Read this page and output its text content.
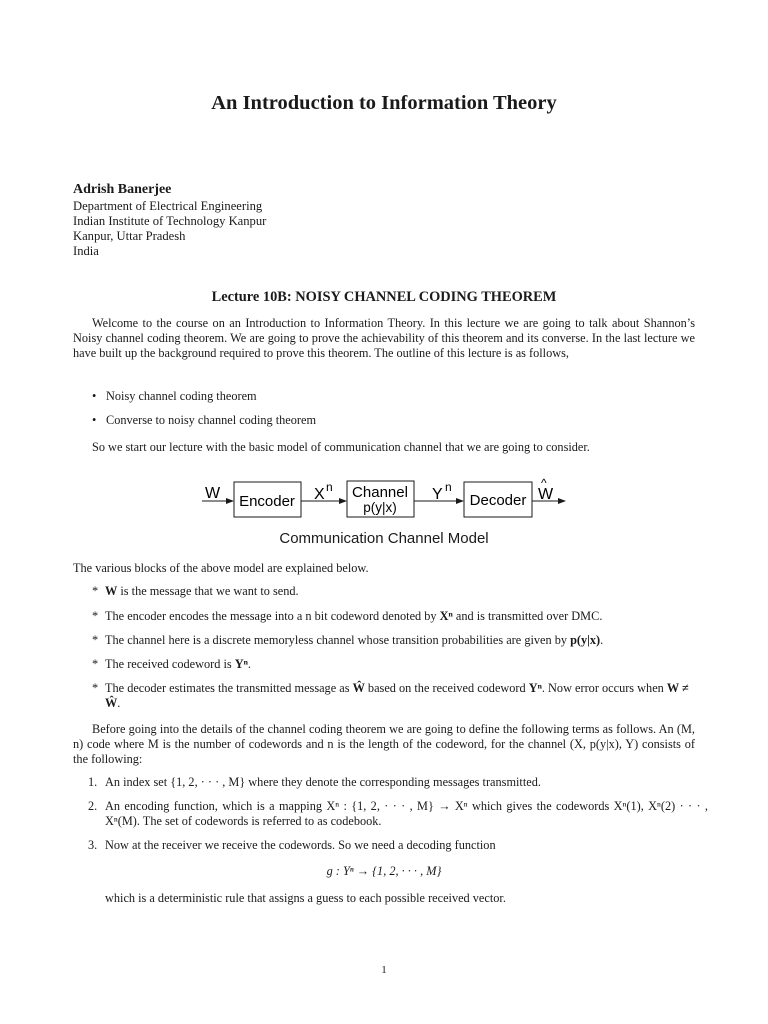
An Introduction to Information Theory
Adrish Banerjee
Department of Electrical Engineering
Indian Institute of Technology Kanpur
Kanpur, Uttar Pradesh
India
Lecture 10B: NOISY CHANNEL CODING THEOREM
Welcome to the course on an Introduction to Information Theory. In this lecture we are going to talk about Shannon’s Noisy channel coding theorem. We are going to prove the achievability of this theorem and its converse. In the last lecture we have built up the background required to prove this theorem. The outline of this lecture is as follows,
• Noisy channel coding theorem
• Converse to noisy channel coding theorem
So we start our lecture with the basic model of communication channel that we are going to consider.
W Encoder X n Channel
p(y|x)
Y n
Decoder W
^
Communication Channel Model
The various blocks of the above model are explained below.
* W is the message that we want to send.
* The encoder encodes the message into a n bit codeword denoted by Xⁿ and is transmitted over DMC.
* The channel here is a discrete memoryless channel whose transition probabilities are given by p(y|x).
* The received codeword is Yⁿ.
* The decoder estimates the transmitted message as Ŵ based on the received codeword Yⁿ. Now error occurs when W ≠ Ŵ.
Before going into the details of the channel coding theorem we are going to define the following terms as follows. An (M, n) code where M is the number of codewords and n is the length of the codeword, for the channel (X, p(y|x), Y) consists of the following:
1. An index set {1, 2, · · · , M} where they denote the corresponding messages transmitted.
2. An encoding function, which is a mapping Xⁿ : {1, 2, · · · , M} → Xⁿ which gives the codewords Xⁿ(1), Xⁿ(2) · · · , Xⁿ(M). The set of codewords is referred to as codebook.
3. Now at the receiver we receive the codewords. So we need a decoding function
g : Yⁿ → {1, 2, · · · , M}
which is a deterministic rule that assigns a guess to each possible received vector.
1
